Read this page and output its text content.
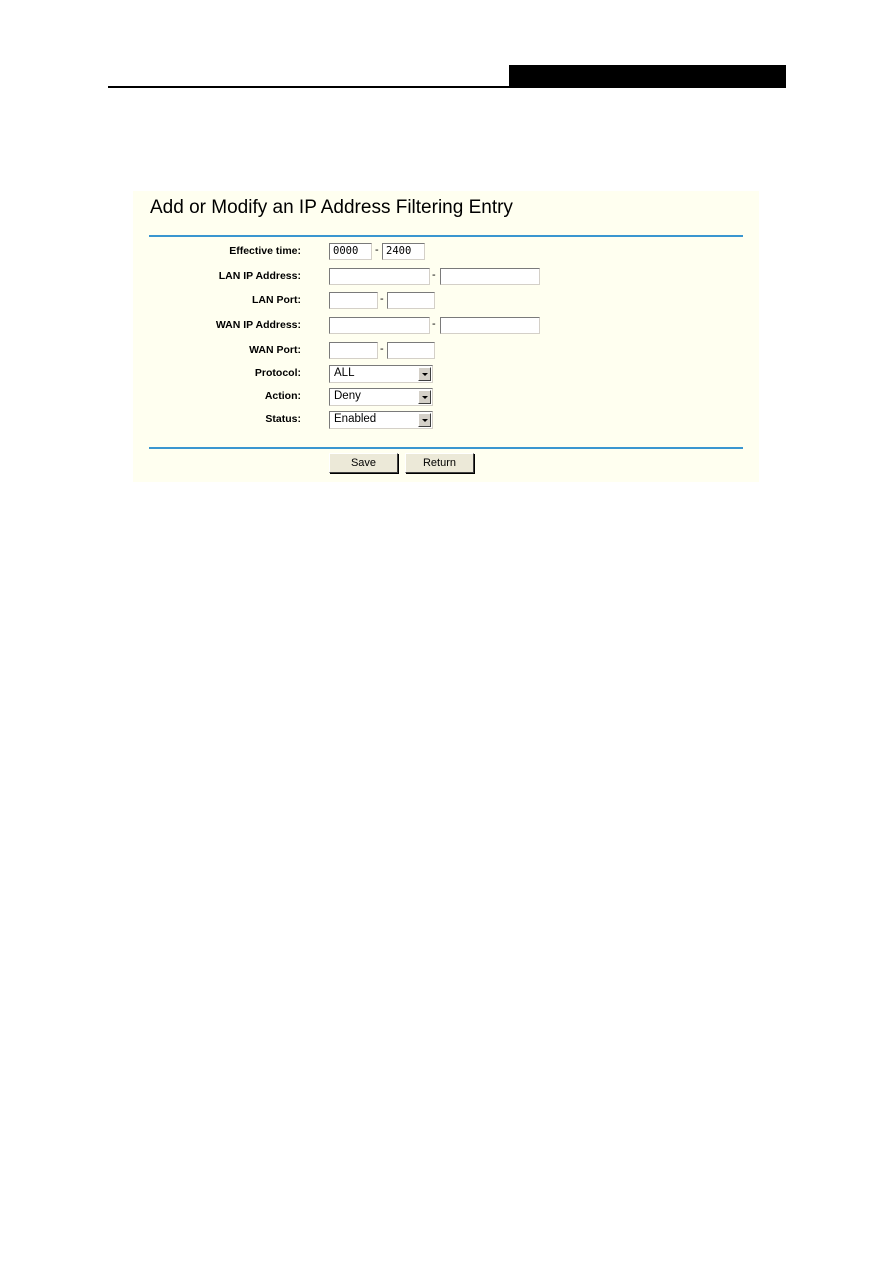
Add or Modify an IP Address Filtering Entry
Effective time:	0000	- 2400
LAN IP Address:	-
LAN Port:	-
WAN IP Address:	-
WAN Port:	-
Protocol:	ALL
Action:	Deny
Status:	Enabled
Save	Return
